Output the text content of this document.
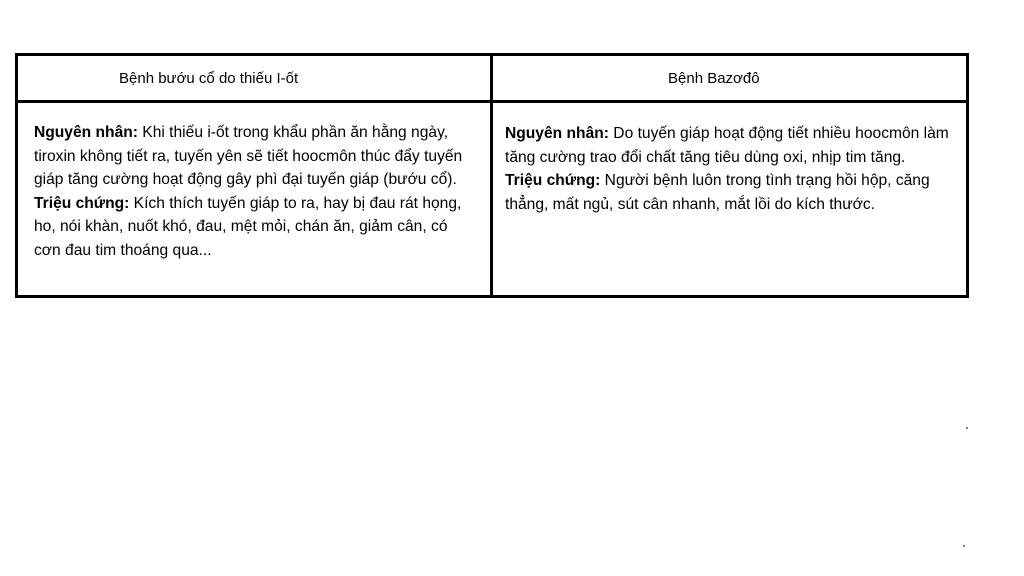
Bệnh bướu cổ do thiếu I-ốt	Bệnh Bazơđô

Nguyên nhân: Khi thiếu i-ốt trong khẩu phần ăn hằng ngày, tiroxin không tiết ra, tuyến yên sẽ tiết hoocmôn thúc đẩy tuyến giáp tăng cường hoạt động gây phì đại tuyến giáp (bướu cổ).

Triệu chứng: Kích thích tuyến giáp to ra, hay bị đau rát họng, ho, nói khàn, nuốt khó, đau, mệt mỏi, chán ăn, giảm cân, có cơn đau tim thoáng qua...

Nguyên nhân: Do tuyến giáp hoạt động tiết nhiều hoocmôn làm tăng cường trao đổi chất tăng tiêu dùng oxi, nhịp tim tăng.

Triệu chứng: Người bệnh luôn trong tình trạng hồi hộp, căng thẳng, mất ngủ, sút cân nhanh, mắt lồi do kích thước.
